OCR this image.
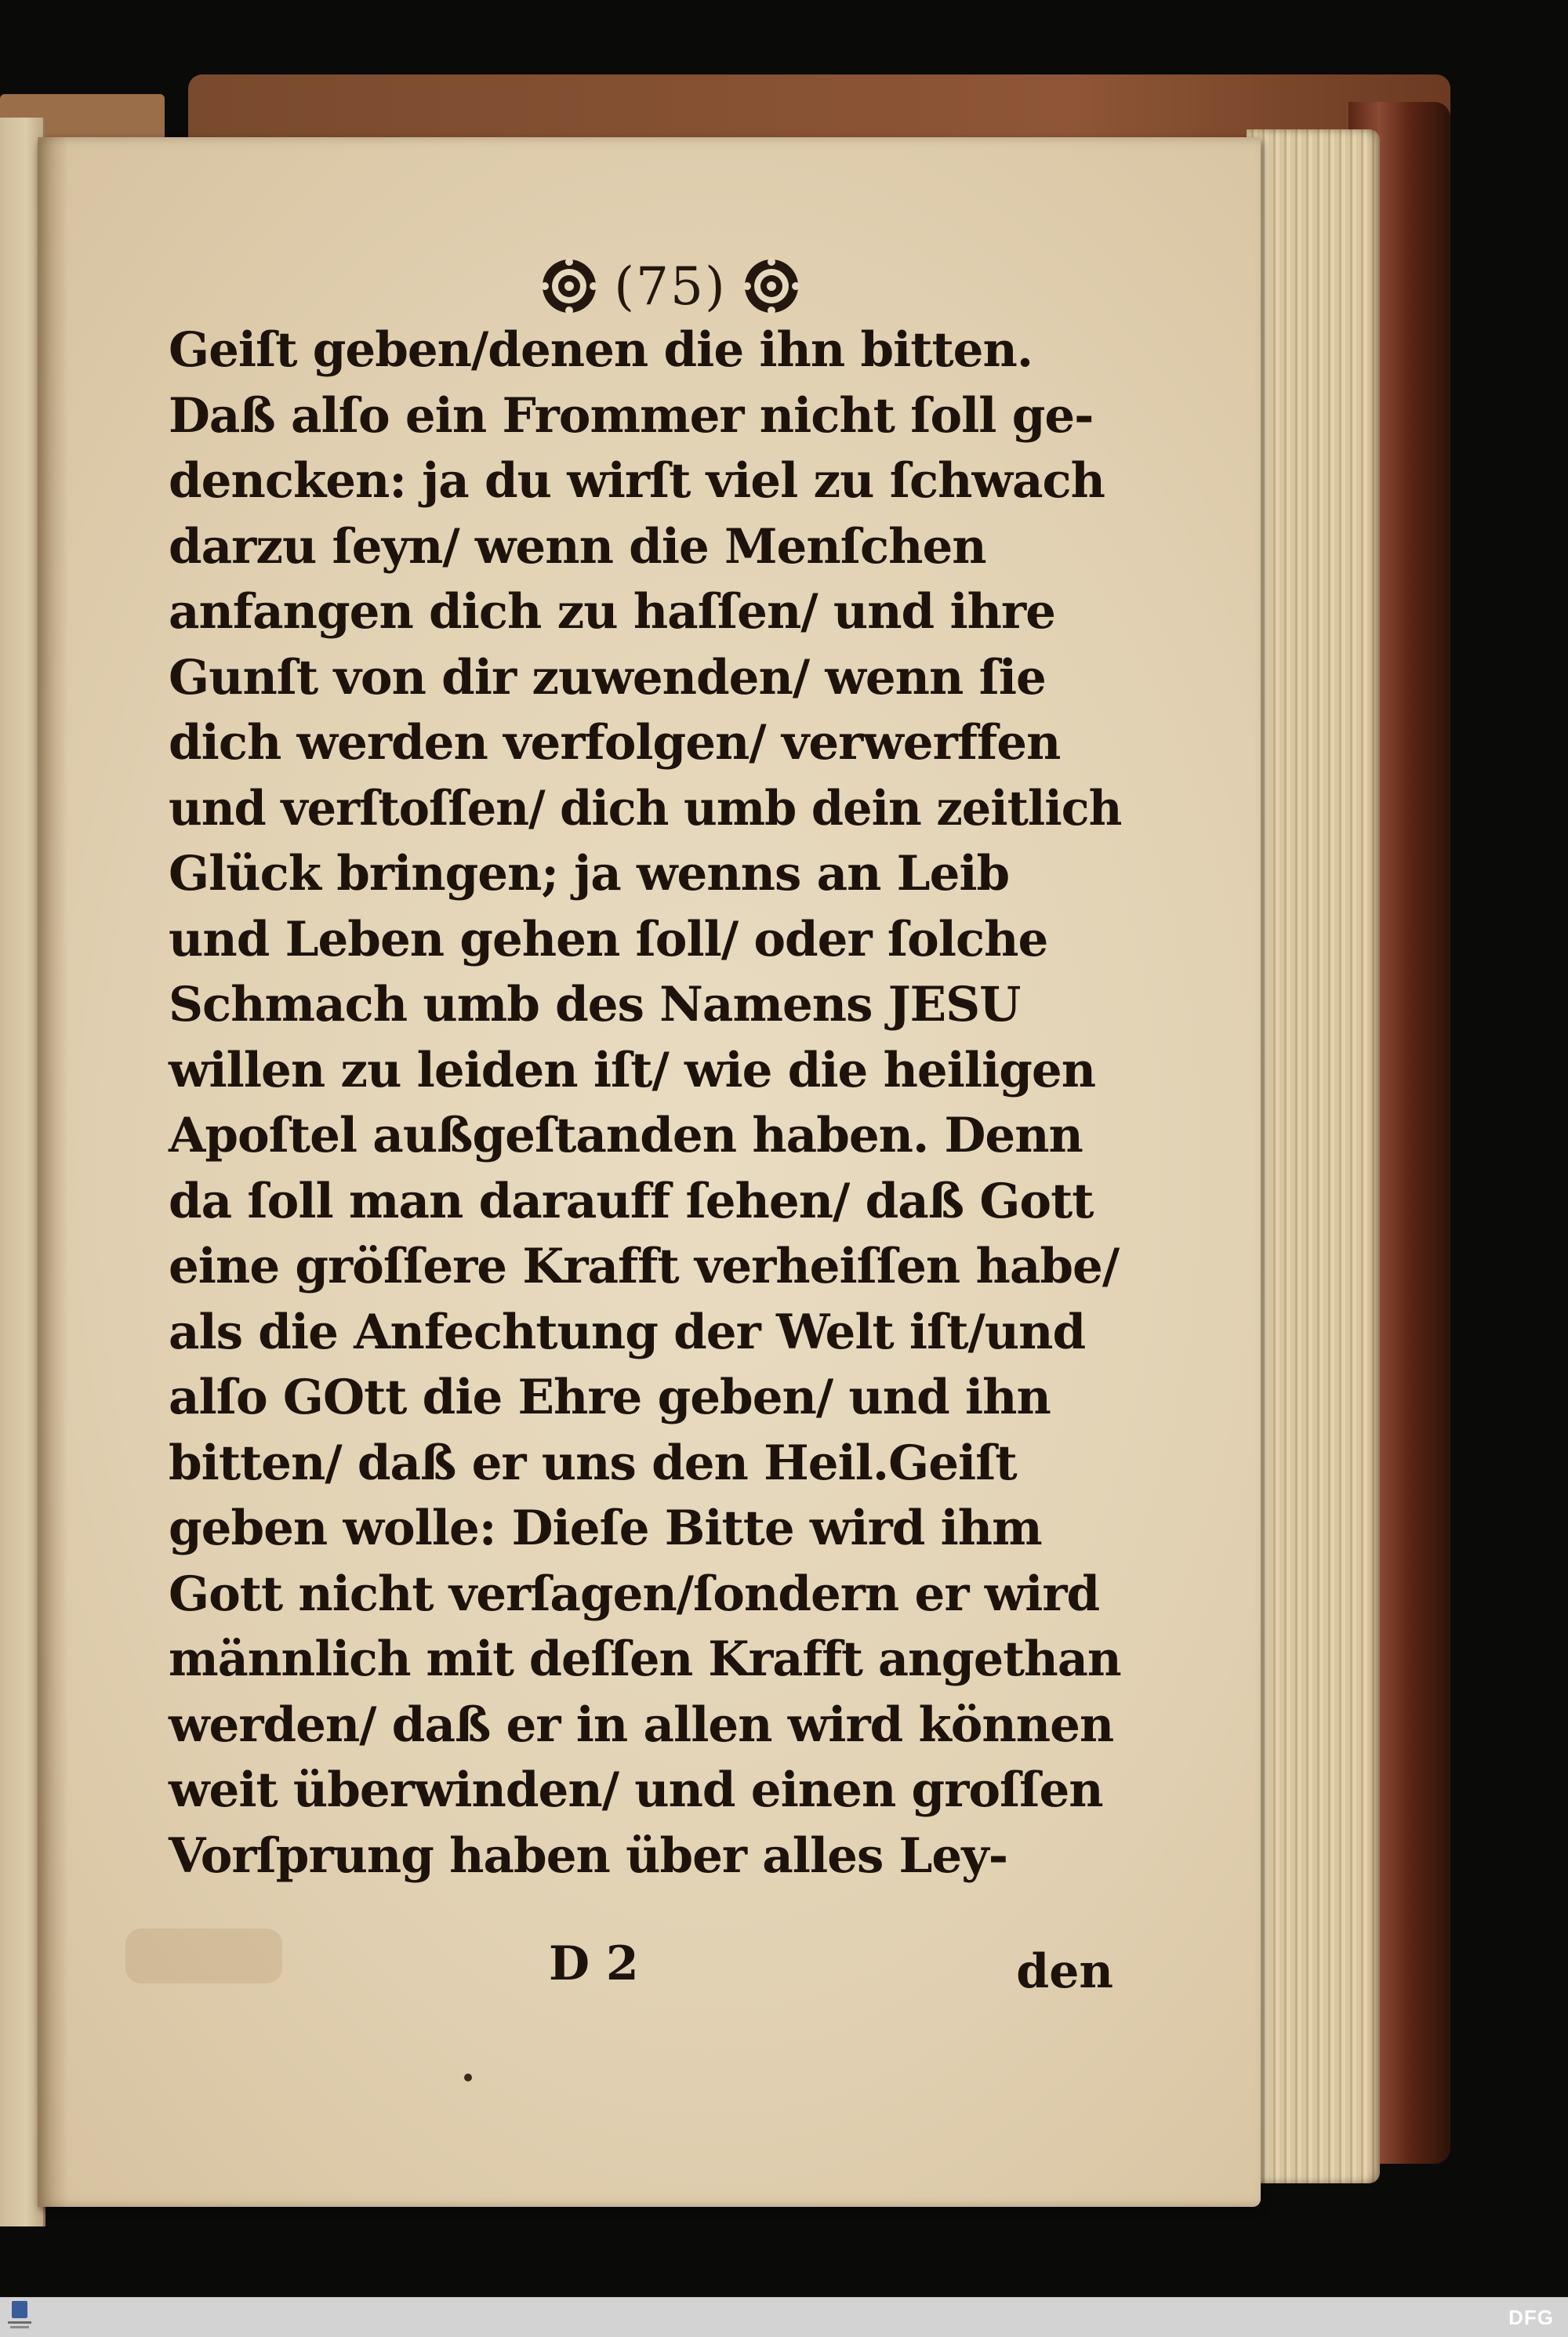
(75)
Geiſt geben/denen die ihn bitten.
Daß alſo ein Frommer nicht ſoll ge-
dencken: ja du wirſt viel zu ſchwach
darzu ſeyn/ wenn die Menſchen
anfangen dich zu haſſen/ und ihre
Gunſt von dir zuwenden/ wenn ſie
dich werden verfolgen/ verwerffen
und verſtoſſen/ dich umb dein zeitlich
Glück bringen; ja wenns an Leib
und Leben gehen ſoll/ oder ſolche
Schmach umb des Namens JESU
willen zu leiden iſt/ wie die heiligen
Apoſtel außgeſtanden haben. Denn
da ſoll man darauff ſehen/ daß Gott
eine gröſſere Krafft verheiſſen habe/
als die Anfechtung der Welt iſt/und
alſo GOtt die Ehre geben/ und ihn
bitten/ daß er uns den Heil.Geiſt
geben wolle: Dieſe Bitte wird ihm
Gott nicht verſagen/ſondern er wird
männlich mit deſſen Krafft angethan
werden/ daß er in allen wird können
weit überwinden/ und einen groſſen
Vorſprung haben über alles Ley-
D 2	den
DFG
